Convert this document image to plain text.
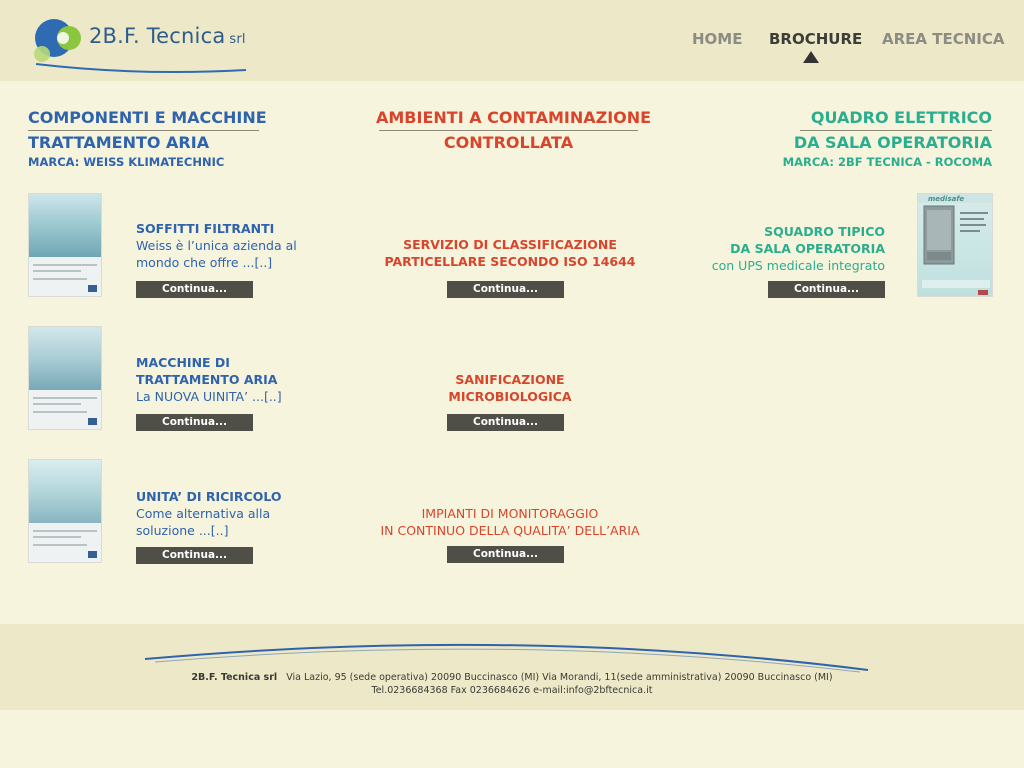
2B.F. Tecnica srl	HOME BROCHURE AREA TECNICA
COMPONENTI E MACCHINE
TRATTAMENTO ARIA
MARCA: WEISS KLIMATECHNIC
AMBIENTI A CONTAMINAZIONE
CONTROLLATA
QUADRO ELETTRICO
DA SALA OPERATORIA
MARCA: 2BF TECNICA - ROCOMA
SOFFITTI FILTRANTI
Weiss è l’unica azienda al
mondo che offre ...[..]
Continua...
MACCHINE DI
TRATTAMENTO ARIA
La NUOVA UINITA’ ...[..]
Continua...
UNITA’ DI RICIRCOLO
Come alternativa alla
soluzione ...[..]
Continua...
SERVIZIO DI CLASSIFICAZIONE
PARTICELLARE SECONDO ISO 14644
Continua...
SANIFICAZIONE
MICROBIOLOGICA
Continua...
IMPIANTI DI MONITORAGGIO
IN CONTINUO DELLA QUALITA’ DELL’ARIA
Continua...
SQUADRO TIPICO
DA SALA OPERATORIA
con UPS medicale integrato
Continua...
medisafe
2B.F. Tecnica srl Via Lazio, 95 (sede operativa) 20090 Buccinasco (MI) Via Morandi, 11(sede amministrativa) 20090 Buccinasco (MI)
Tel.0236684368 Fax 0236684626 e-mail:info@2bftecnica.it
